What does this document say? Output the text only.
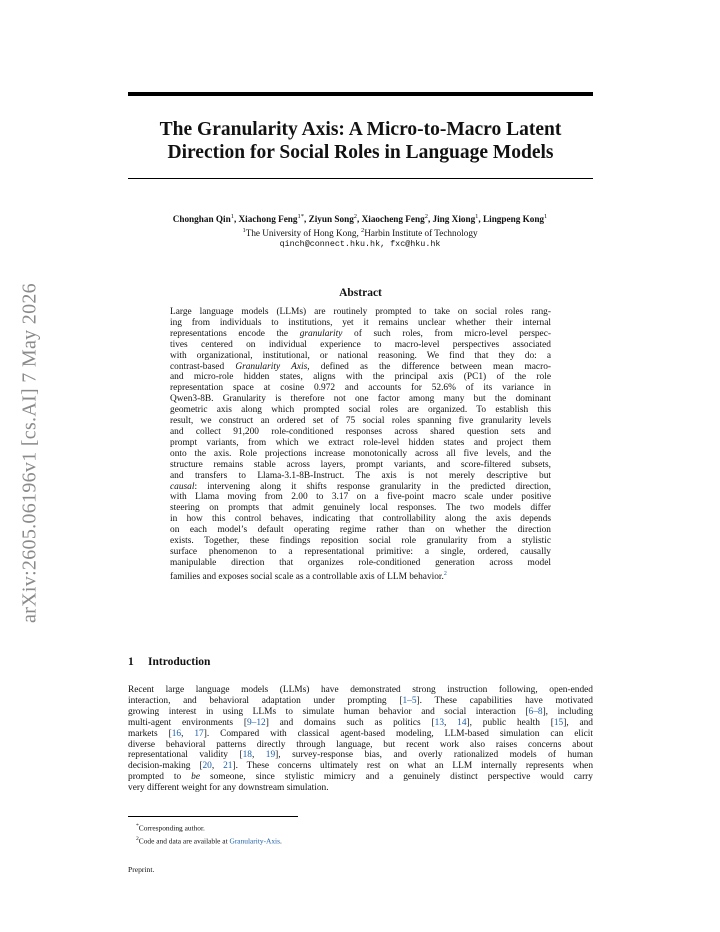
arXiv:2605.06196v1 [cs.AI] 7 May 2026
The Granularity Axis: A Micro-to-Macro Latent
Direction for Social Roles in Language Models
Chonghan Qin$^1$, Xiachong Feng$^{1*}$, Ziyun Song$^2$, Xiaocheng Feng$^2$, Jing Xiong$^1$, Lingpeng Kong$^1$
$^1$The University of Hong Kong, $^2$Harbin Institute of Technology
qinch@connect.hku.hk, fxc@hku.hk
Abstract
Large language models (LLMs) are routinely prompted to take on social roles rang-
ing from individuals to institutions, yet it remains unclear whether their internal
representations encode the granularity of such roles, from micro-level perspec-
tives centered on individual experience to macro-level perspectives associated
with organizational, institutional, or national reasoning. We find that they do: a
contrast-based Granularity Axis, defined as the difference between mean macro-
and micro-role hidden states, aligns with the principal axis (PC1) of the role
representation space at cosine 0.972 and accounts for 52.6% of its variance in
Qwen3-8B. Granularity is therefore not one factor among many but the dominant
geometric axis along which prompted social roles are organized. To establish this
result, we construct an ordered set of 75 social roles spanning five granularity levels
and collect 91,200 role-conditioned responses across shared question sets and
prompt variants, from which we extract role-level hidden states and project them
onto the axis. Role projections increase monotonically across all five levels, and the
structure remains stable across layers, prompt variants, and score-filtered subsets,
and transfers to Llama-3.1-8B-Instruct. The axis is not merely descriptive but
causal: intervening along it shifts response granularity in the predicted direction,
with Llama moving from 2.00 to 3.17 on a five-point macro scale under positive
steering on prompts that admit genuinely local responses. The two models differ
in how this control behaves, indicating that controllability along the axis depends
on each model’s default operating regime rather than on whether the direction
exists. Together, these findings reposition social role granularity from a stylistic
surface phenomenon to a representational primitive: a single, ordered, causally
manipulable direction that organizes role-conditioned generation across model
families and exposes social scale as a controllable axis of LLM behavior.$^2$
1 Introduction
Recent large language models (LLMs) have demonstrated strong instruction following, open-ended
interaction, and behavioral adaptation under prompting [1–5]. These capabilities have motivated
growing interest in using LLMs to simulate human behavior and social interaction [6–8], including
multi-agent environments [9–12] and domains such as politics [13, 14], public health [15], and
markets [16, 17]. Compared with classical agent-based modeling, LLM-based simulation can elicit
diverse behavioral patterns directly through language, but recent work also raises concerns about
representational validity [18, 19], survey-response bias, and overly rationalized models of human
decision-making [20, 21]. These concerns ultimately rest on what an LLM internally represents when
prompted to be someone, since stylistic mimicry and a genuinely distinct perspective would carry
very different weight for any downstream simulation.
*Corresponding author.
$^2$Code and data are available at Granularity-Axis.
Preprint.
